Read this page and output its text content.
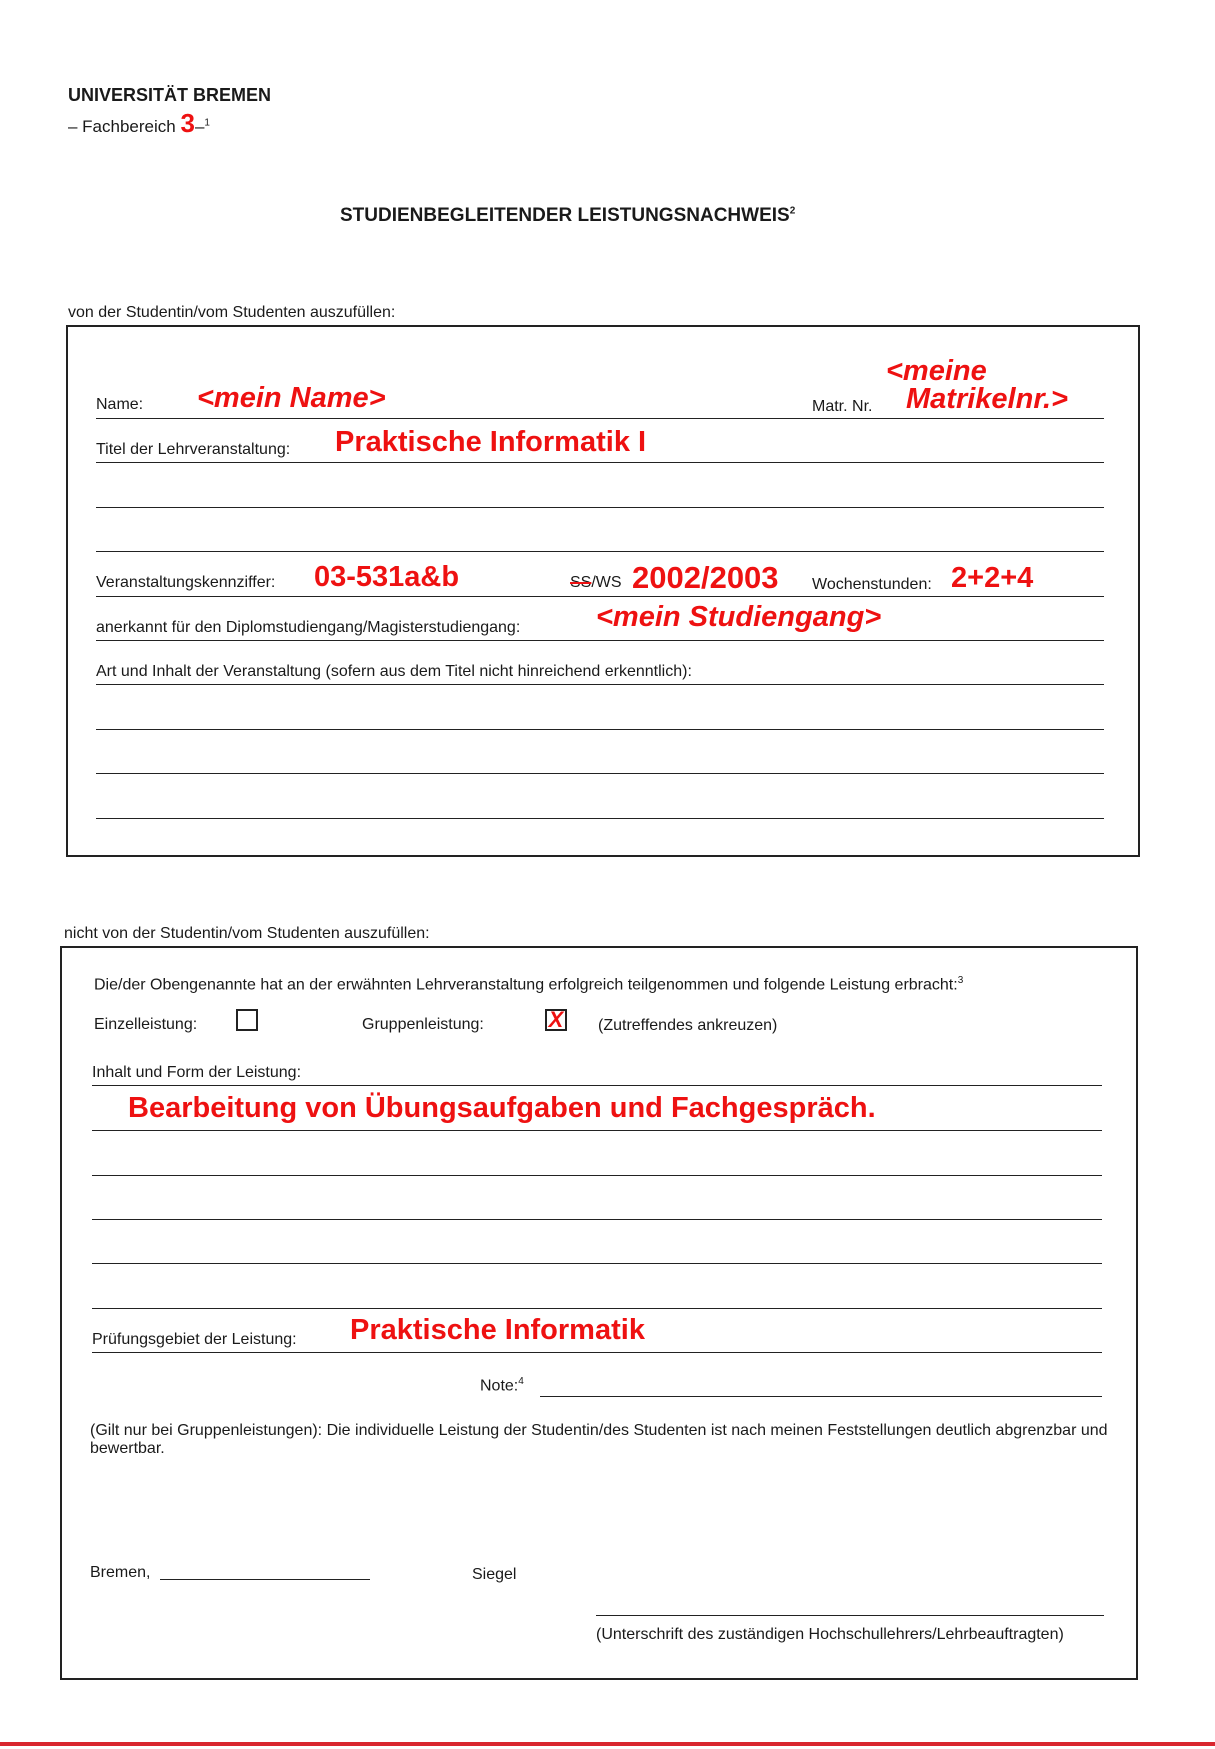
UNIVERSITÄT BREMEN
– Fachbereich 3–$^1$
STUDIENBEGLEITENDER LEISTUNGSNACHWEIS$^2$
von der Studentin/vom Studenten auszufüllen:
Name: <mein Name>	Matr. Nr.
<meine
Matrikelnr.>
Titel der Lehrveranstaltung: Praktische Informatik I
Veranstaltungskennziffer: 03-531a&b	SS/WS 2002/2003 Wochenstunden: 2+2+4
anerkannt für den Diplomstudiengang/Magisterstudiengang:	<mein Studiengang>
Art und Inhalt der Veranstaltung (sofern aus dem Titel nicht hinreichend erkenntlich):
nicht von der Studentin/vom Studenten auszufüllen:
Die/der Obengenannte hat an der erwähnten Lehrveranstaltung erfolgreich teilgenommen und folgende Leistung erbracht:$^3$
Einzelleistung:	Gruppenleistung:	X (Zutreffendes ankreuzen)
Inhalt und Form der Leistung:
Bearbeitung von Übungsaufgaben und Fachgespräch.
Prüfungsgebiet der Leistung: Praktische Informatik
Note:$^4$
(Gilt nur bei Gruppenleistungen): Die individuelle Leistung der Studentin/des Studenten ist nach meinen Feststellungen deutlich abgrenzbar und bewertbar.
Bremen,	Siegel
(Unterschrift des zuständigen Hochschullehrers/Lehrbeauftragten)
